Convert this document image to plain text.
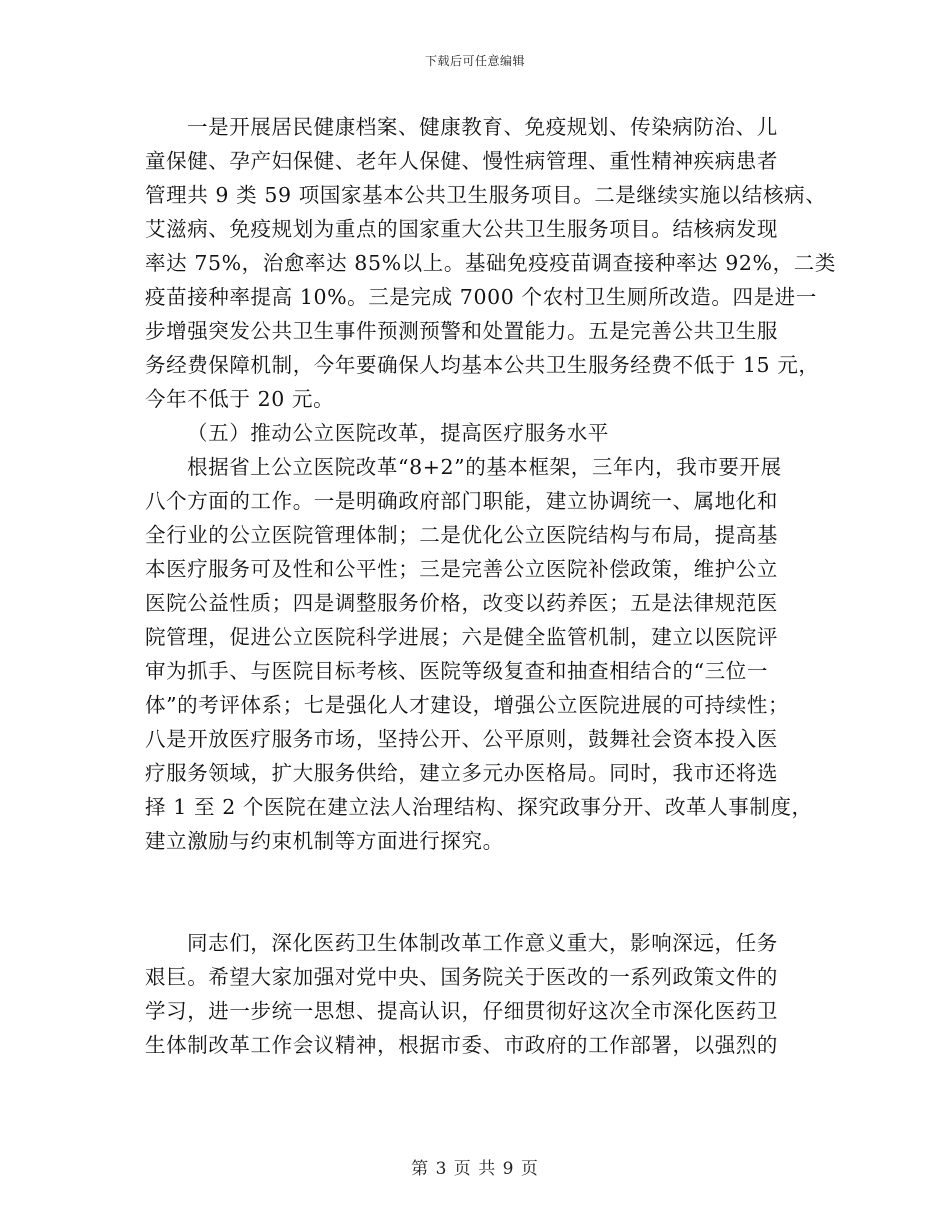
下载后可任意编辑
一是开展居民健康档案、健康教育、免疫规划、传染病防治、儿
童保健、孕产妇保健、老年人保健、慢性病管理、重性精神疾病患者
管理共 9 类 59 项国家基本公共卫生服务项目。二是继续实施以结核病、
艾滋病、免疫规划为重点的国家重大公共卫生服务项目。结核病发现
率达 75%，治愈率达 85%以上。基础免疫疫苗调查接种率达 92%，二类
疫苗接种率提高 10%。三是完成 7000 个农村卫生厕所改造。四是进一
步增强突发公共卫生事件预测预警和处置能力。五是完善公共卫生服
务经费保障机制，今年要确保人均基本公共卫生服务经费不低于 15 元，
今年不低于 20 元。
（五）推动公立医院改革，提高医疗服务水平
根据省上公立医院改革“8+2”的基本框架，三年内，我市要开展
八个方面的工作。一是明确政府部门职能，建立协调统一、属地化和
全行业的公立医院管理体制；二是优化公立医院结构与布局，提高基
本医疗服务可及性和公平性；三是完善公立医院补偿政策，维护公立
医院公益性质；四是调整服务价格，改变以药养医；五是法律规范医
院管理，促进公立医院科学进展；六是健全监管机制，建立以医院评
审为抓手、与医院目标考核、医院等级复查和抽查相结合的“三位一
体”的考评体系；七是强化人才建设，增强公立医院进展的可持续性；
八是开放医疗服务市场，坚持公开、公平原则，鼓舞社会资本投入医
疗服务领域，扩大服务供给，建立多元办医格局。同时，我市还将选
择 1 至 2 个医院在建立法人治理结构、探究政事分开、改革人事制度，
建立激励与约束机制等方面进行探究。
同志们，深化医药卫生体制改革工作意义重大，影响深远，任务
艰巨。希望大家加强对党中央、国务院关于医改的一系列政策文件的
学习，进一步统一思想、提高认识，仔细贯彻好这次全市深化医药卫
生体制改革工作会议精神，根据市委、市政府的工作部署，以强烈的
第 3 页 共 9 页
